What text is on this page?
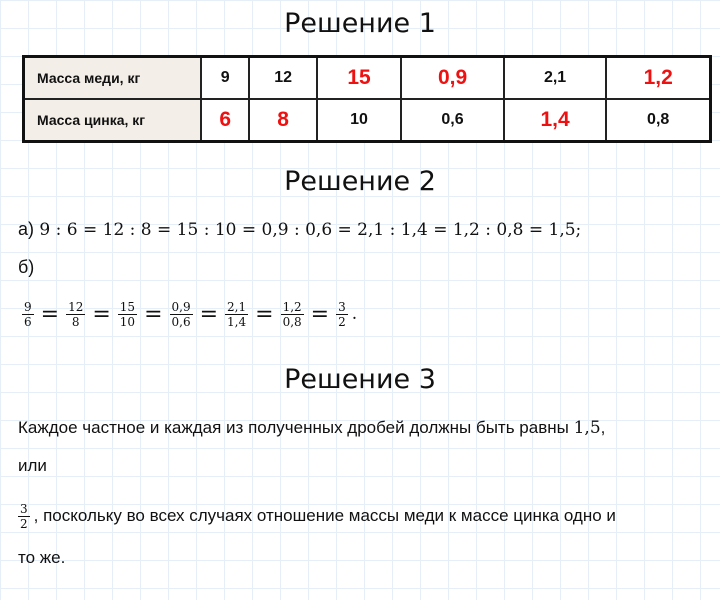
Решение 1
Масса меди, кг	9	12	15	0,9	2,1	1,2
Масса цинка, кг	6	8	10	0,6	1,4	0,8
Решение 2
а) 9 : 6 = 12 : 8 = 15 : 10 = 0,9 : 0,6 = 2,1 : 1,4 = 1,2 : 0,8 = 1,5;
б)
$\frac{9}{6} = \frac{12}{8} = \frac{15}{10} = \frac{0,9}{0,6} = \frac{2,1}{1,4} = \frac{1,2}{0,8} = \frac{3}{2}$ .
Решение 3
Каждое частное и каждая из полученных дробей должны быть равны 1,5,
или
$\frac{3}{2}$ , поскольку во всех случаях отношение массы меди к массе цинка одно и
то же.
